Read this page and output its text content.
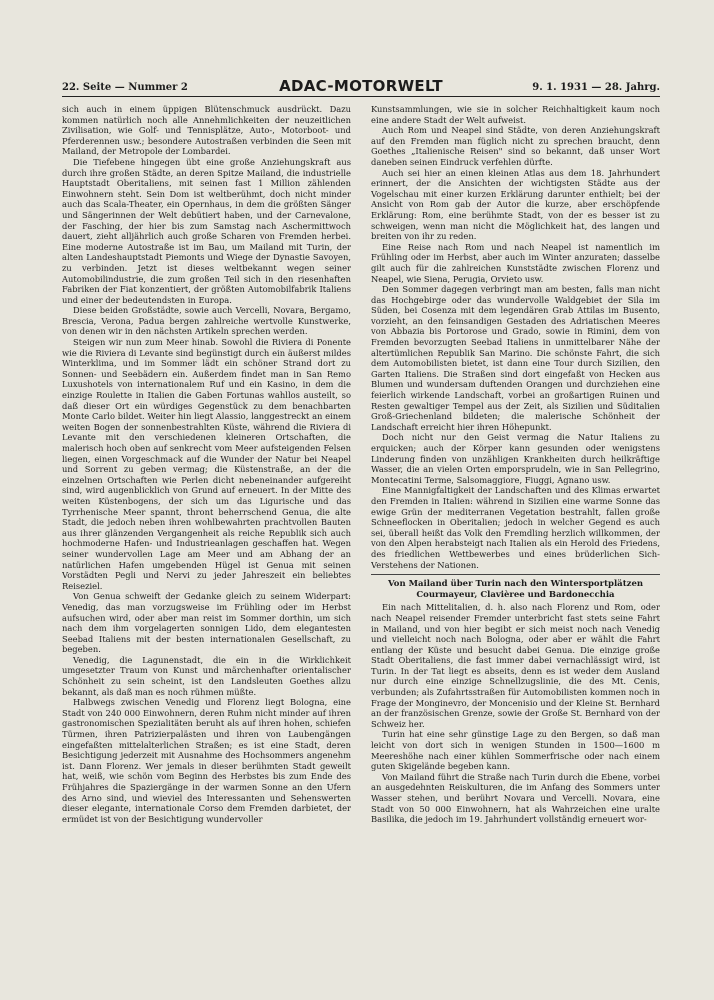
22. Seite — Nummer 2	ADAC-MOTORWELT	9. 1. 1931 — 28. Jahrg.

sich auch in einem üppigen Blütenschmuck ausdrückt. Dazu kommen natürlich noch alle Annehmlichkeiten der neuzeitlichen Zivilisation, wie Golf- und Tennisplätze, Auto-, Motorboot- und Pferderennen usw.; besondere Autostraßen verbinden die Seen mit Mailand, der Metropole der Lombardei.

Die Tiefebene hingegen übt eine große Anziehungskraft aus durch ihre großen Städte, an deren Spitze Mailand, die industrielle Hauptstadt Oberitaliens, mit seinen fast 1 Million zählenden Einwohnern steht. Sein Dom ist weltberühmt, doch nicht minder auch das Scala-Theater, ein Opernhaus, in dem die größten Sänger und Sängerinnen der Welt debütiert haben, und der Carnevalone, der Fasching, der hier bis zum Samstag nach Aschermittwoch dauert, zieht alljährlich auch große Scharen von Fremden herbei. Eine moderne Autostraße ist im Bau, um Mailand mit Turin, der alten Landeshauptstadt Piemonts und Wiege der Dynastie Savoyen, zu verbinden. Jetzt ist dieses weltbekannt wegen seiner Automobilindustrie, die zum großen Teil sich in den riesenhaften Fabriken der Fiat konzentiert, der größten Automobilfabrik Italiens und einer der bedeutendsten in Europa.

Diese beiden Großstädte, sowie auch Vercelli, Novara, Bergamo, Brescia, Verona, Padua bergen zahlreiche wertvolle Kunstwerke, von denen wir in den nächsten Artikeln sprechen werden.

Steigen wir nun zum Meer hinab. Sowohl die Riviera di Ponente wie die Riviera di Levante sind begünstigt durch ein äußerst mildes Winterklima, und im Sommer lädt ein schöner Strand dort zu Sonnen- und Seebädern ein. Außerdem findet man in San Remo Luxushotels von internationalem Ruf und ein Kasino, in dem die einzige Roulette in Italien die Gaben Fortunas wahllos austeilt, so daß dieser Ort ein würdiges Gegenstück zu dem benachbarten Monte Carlo bildet. Weiter hin liegt Alassio, langgestreckt an einem weiten Bogen der sonnenbestrahlten Küste, während die Riviera di Levante mit den verschiedenen kleineren Ortschaften, die malerisch hoch oben auf senkrecht vom Meer aufsteigenden Felsen liegen, einen Vorgeschmack auf die Wunder der Natur bei Neapel und Sorrent zu geben vermag; die Küstenstraße, an der die einzelnen Ortschaften wie Perlen dicht nebeneinander aufgereiht sind, wird augenblicklich von Grund auf erneuert. In der Mitte des weiten Küstenbogens, der sich um das Ligurische und das Tyrrhenische Meer spannt, thront beherrschend Genua, die alte Stadt, die jedoch neben ihren wohlbewahrten prachtvollen Bauten aus ihrer glänzenden Vergangenheit als reiche Republik sich auch hochmoderne Hafen- und Industrieanlagen geschaffen hat. Wegen seiner wundervollen Lage am Meer und am Abhang der an natürlichen Hafen umgebenden Hügel ist Genua mit seinen Vorstädten Pegli und Nervi zu jeder Jahreszeit ein beliebtes Reiseziel.

Von Genua schweift der Gedanke gleich zu seinem Widerpart: Venedig, das man vorzugsweise im Frühling oder im Herbst aufsuchen wird, oder aber man reist im Sommer dorthin, um sich nach dem ihm vorgelagerten sonnigen Lido, dem elegantesten Seebad Italiens mit der besten internationalen Gesellschaft, zu begeben.

Venedig, die Lagunenstadt, die ein in die Wirklichkeit umgesetzter Traum von Kunst und märchenhafter orientalischer Schönheit zu sein scheint, ist den Landsleuten Goethes allzu bekannt, als daß man es noch rühmen müßte.

Halbwegs zwischen Venedig und Florenz liegt Bologna, eine Stadt von 240 000 Einwohnern, deren Ruhm nicht minder auf ihren gastronomischen Spezialitäten beruht als auf ihren hohen, schiefen Türmen, ihren Patrizierpalästen und ihren von Laubengängen eingefaßten mittelalterlichen Straßen; es ist eine Stadt, deren Besichtigung jederzeit mit Ausnahme des Hochsommers angenehm ist. Dann Florenz. Wer jemals in dieser berühmten Stadt geweilt hat, weiß, wie schön vom Beginn des Herbstes bis zum Ende des Frühjahres die Spaziergänge in der warmen Sonne an den Ufern des Arno sind, und wieviel des Interessanten und Sehenswerten dieser elegante, internationale Corso dem Fremden darbietet, der ermüdet ist von der Besichtigung wundervoller

Kunstsammlungen, wie sie in solcher Reichhaltigkeit kaum noch eine andere Stadt der Welt aufweist.

Auch Rom und Neapel sind Städte, von deren Anziehungskraft auf den Fremden man füglich nicht zu sprechen braucht, denn Goethes „Italienische Reisen" sind so bekannt, daß unser Wort daneben seinen Eindruck verfehlen dürfte.

Auch sei hier an einen kleinen Atlas aus dem 18. Jahrhundert erinnert, der die Ansichten der wichtigsten Städte aus der Vogelschau mit einer kurzen Erklärung darunter enthielt; bei der Ansicht von Rom gab der Autor die kurze, aber erschöpfende Erklärung: Rom, eine berühmte Stadt, von der es besser ist zu schweigen, wenn man nicht die Möglichkeit hat, des langen und breiten von ihr zu reden.

Eine Reise nach Rom und nach Neapel ist namentlich im Frühling oder im Herbst, aber auch im Winter anzuraten; dasselbe gilt auch für die zahlreichen Kunststädte zwischen Florenz und Neapel, wie Siena, Perugia, Orvieto usw.

Den Sommer dagegen verbringt man am besten, falls man nicht das Hochgebirge oder das wundervolle Waldgebiet der Sila im Süden, bei Cosenza mit dem legendären Grab Attilas im Busento, vorzieht, an den feinsandigen Gestaden des Adriatischen Meeres von Abbazia bis Portorose und Grado, sowie in Rimini, dem von Fremden bevorzugten Seebad Italiens in unmittelbarer Nähe der altertümlichen Republik San Marino. Die schönste Fahrt, die sich dem Automobilisten bietet, ist dann eine Tour durch Sizilien, den Garten Italiens. Die Straßen sind dort eingefaßt von Hecken aus Blumen und wundersam duftenden Orangen und durchziehen eine feierlich wirkende Landschaft, vorbei an großartigen Ruinen und Resten gewaltiger Tempel aus der Zeit, als Sizilien und Süditalien Groß-Griechenland bildeten; die malerische Schönheit der Landschaft erreicht hier ihren Höhepunkt.

Doch nicht nur den Geist vermag die Natur Italiens zu erquicken; auch der Körper kann gesunden oder wenigstens Linderung finden von unzähligen Krankheiten durch heilkräftige Wasser, die an vielen Orten emporsprudeln, wie in San Pellegrino, Montecatini Terme, Salsomaggiore, Fiuggi, Agnano usw.

Eine Mannigfaltigkeit der Landschaften und des Klimas erwartet den Fremden in Italien: während in Sizilien eine warme Sonne das ewige Grün der mediterranen Vegetation bestrahlt, fallen große Schneeflocken in Oberitalien; jedoch in welcher Gegend es auch sei, überall heißt das Volk den Fremdling herzlich willkommen, der von den Alpen herabsteigt nach Italien als ein Herold des Friedens, des friedlichen Wettbewerbes und eines brüderlichen Sich-Verstehens der Nationen.

Von Mailand über Turin nach den Wintersportplätzen Courmayeur, Clavièree und Bardonecchia

Ein nach Mittelitalien, d. h. also nach Florenz und Rom, oder nach Neapel reisender Fremder unterbricht fast stets seine Fahrt in Mailand, und von hier begibt er sich meist noch nach Venedig und vielleicht noch nach Bologna, oder aber er wählt die Fahrt entlang der Küste und besucht dabei Genua. Die einzige große Stadt Oberitaliens, die fast immer dabei vernachlässigt wird, ist Turin. In der Tat liegt es abseits, denn es ist weder dem Ausland nur durch eine einzige Schnellzugslinie, die des Mt. Cenis, verbunden; als Zufahrtsstraßen für Automobilisten kommen noch in Frage der Monginevro, der Moncenisio und der Kleine St. Bernhard an der französischen Grenze, sowie der Große St. Bernhard von der Schweiz her.

Turin hat eine sehr günstige Lage zu den Bergen, so daß man leicht von dort sich in wenigen Stunden in 1500—1600 m Meereshöhe nach einer kühlen Sommerfrische oder nach einem guten Skigelände begeben kann.

Von Mailand führt die Straße nach Turin durch die Ebene, vorbei an ausgedehnten Reiskulturen, die im Anfang des Sommers unter Wasser stehen, und berührt Novara und Vercelli. Novara, eine Stadt von 50 000 Einwohnern, hat als Wahrzeichen eine uralte Basilika, die jedoch im 19. Jahrhundert vollständig erneuert wor-
